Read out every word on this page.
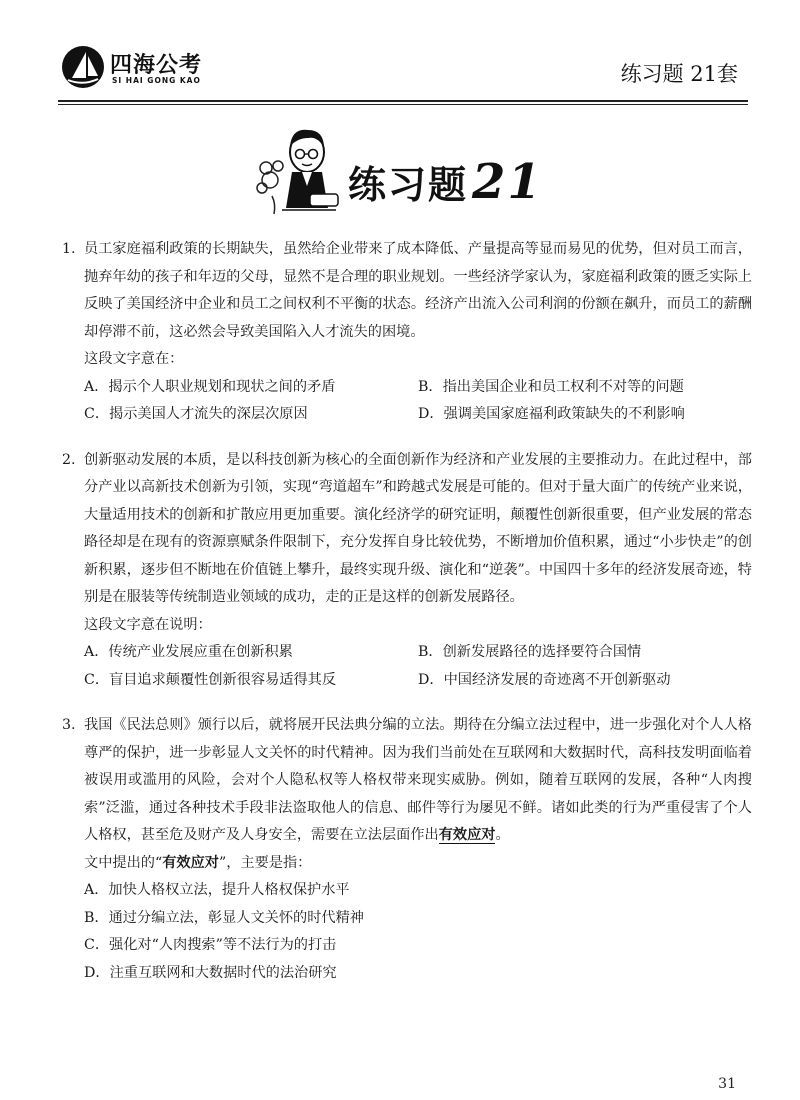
四海公考
SI HAI GONG KAO	练习题 21套
练习题21
1. 员工家庭福利政策的长期缺失，虽然给企业带来了成本降低、产量提高等显而易见的优势，但对员工而言，抛弃年幼的孩子和年迈的父母，显然不是合理的职业规划。一些经济学家认为，家庭福利政策的匮乏实际上反映了美国经济中企业和员工之间权利不平衡的状态。经济产出流入公司利润的份额在飙升，而员工的薪酬却停滞不前，这必然会导致美国陷入人才流失的困境。
这段文字意在：
A．揭示个人职业规划和现状之间的矛盾	B．指出美国企业和员工权利不对等的问题
C．揭示美国人才流失的深层次原因	D．强调美国家庭福利政策缺失的不利影响
2. 创新驱动发展的本质，是以科技创新为核心的全面创新作为经济和产业发展的主要推动力。在此过程中，部分产业以高新技术创新为引领，实现“弯道超车”和跨越式发展是可能的。但对于量大面广的传统产业来说，大量适用技术的创新和扩散应用更加重要。演化经济学的研究证明，颠覆性创新很重要，但产业发展的常态路径却是在现有的资源禀赋条件限制下，充分发挥自身比较优势，不断增加价值积累，通过“小步快走”的创新积累，逐步但不断地在价值链上攀升，最终实现升级、演化和“逆袭”。中国四十多年的经济发展奇迹，特别是在服装等传统制造业领域的成功，走的正是这样的创新发展路径。
这段文字意在说明：
A．传统产业发展应重在创新积累	B．创新发展路径的选择要符合国情
C．盲目追求颠覆性创新很容易适得其反	D．中国经济发展的奇迹离不开创新驱动
3. 我国《民法总则》颁行以后，就将展开民法典分编的立法。期待在分编立法过程中，进一步强化对个人人格尊严的保护，进一步彰显人文关怀的时代精神。因为我们当前处在互联网和大数据时代，高科技发明面临着被误用或滥用的风险，会对个人隐私权等人格权带来现实威胁。例如，随着互联网的发展，各种“人肉搜索”泛滥，通过各种技术手段非法盗取他人的信息、邮件等行为屡见不鲜。诸如此类的行为严重侵害了个人人格权，甚至危及财产及人身安全，需要在立法层面作出有效应对。
文中提出的“有效应对”，主要是指：
A．加快人格权立法，提升人格权保护水平
B．通过分编立法，彰显人文关怀的时代精神
C．强化对“人肉搜索”等不法行为的打击
D．注重互联网和大数据时代的法治研究
31
